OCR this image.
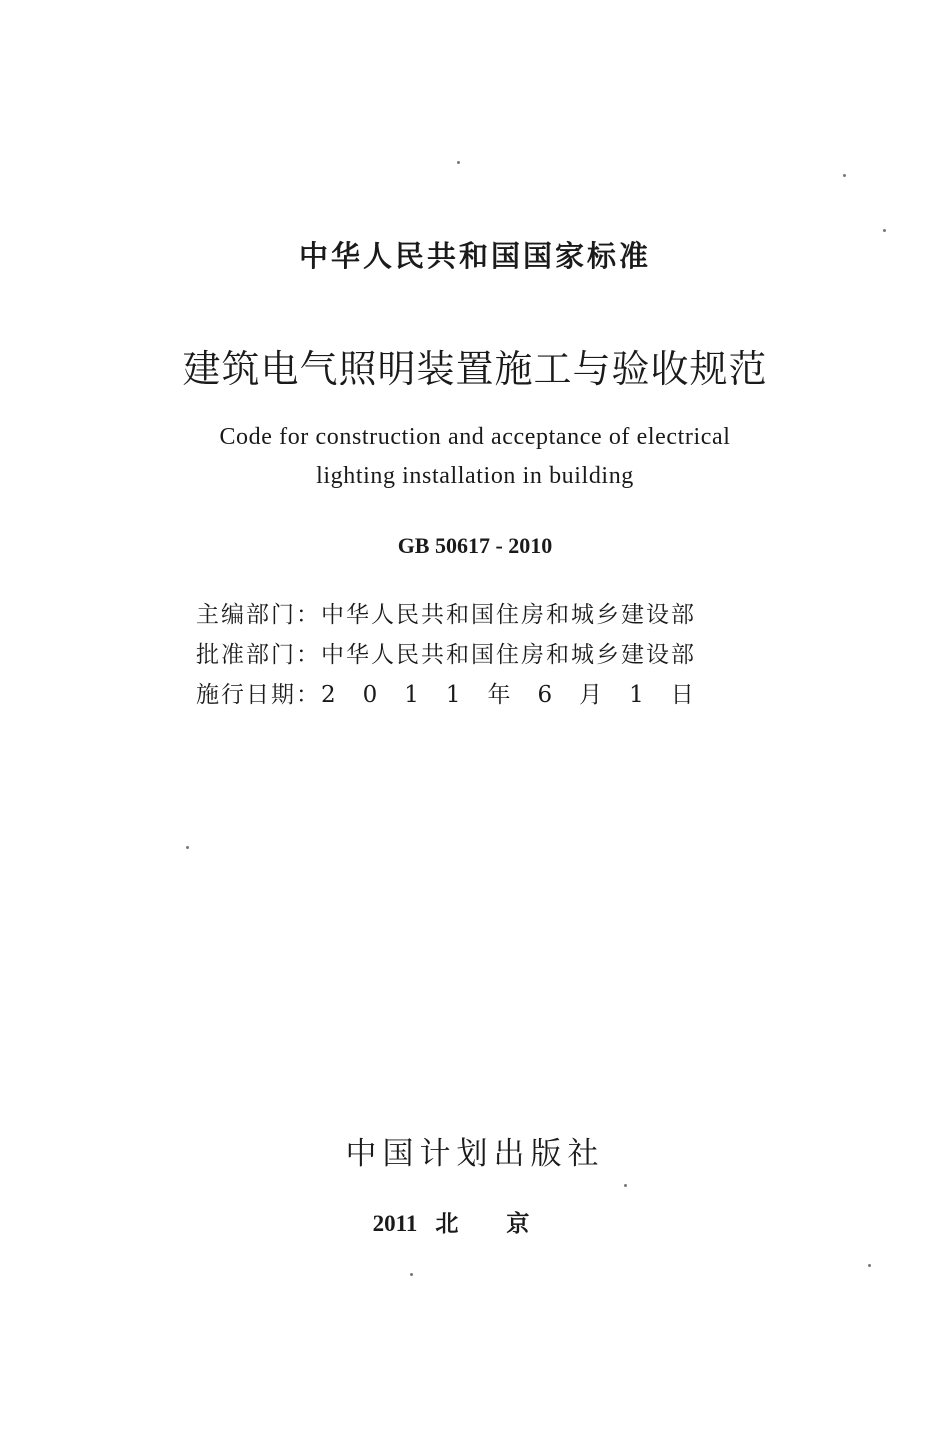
中华人民共和国国家标准
建筑电气照明装置施工与验收规范
Code for construction and acceptance of electrical
lighting installation in building
GB 50617 - 2010
主编部门： 中华人民共和国住房和城乡建设部
批准部门： 中华人民共和国住房和城乡建设部
施行日期： 2011年6月1日
中国计划出版社
2011 北京
